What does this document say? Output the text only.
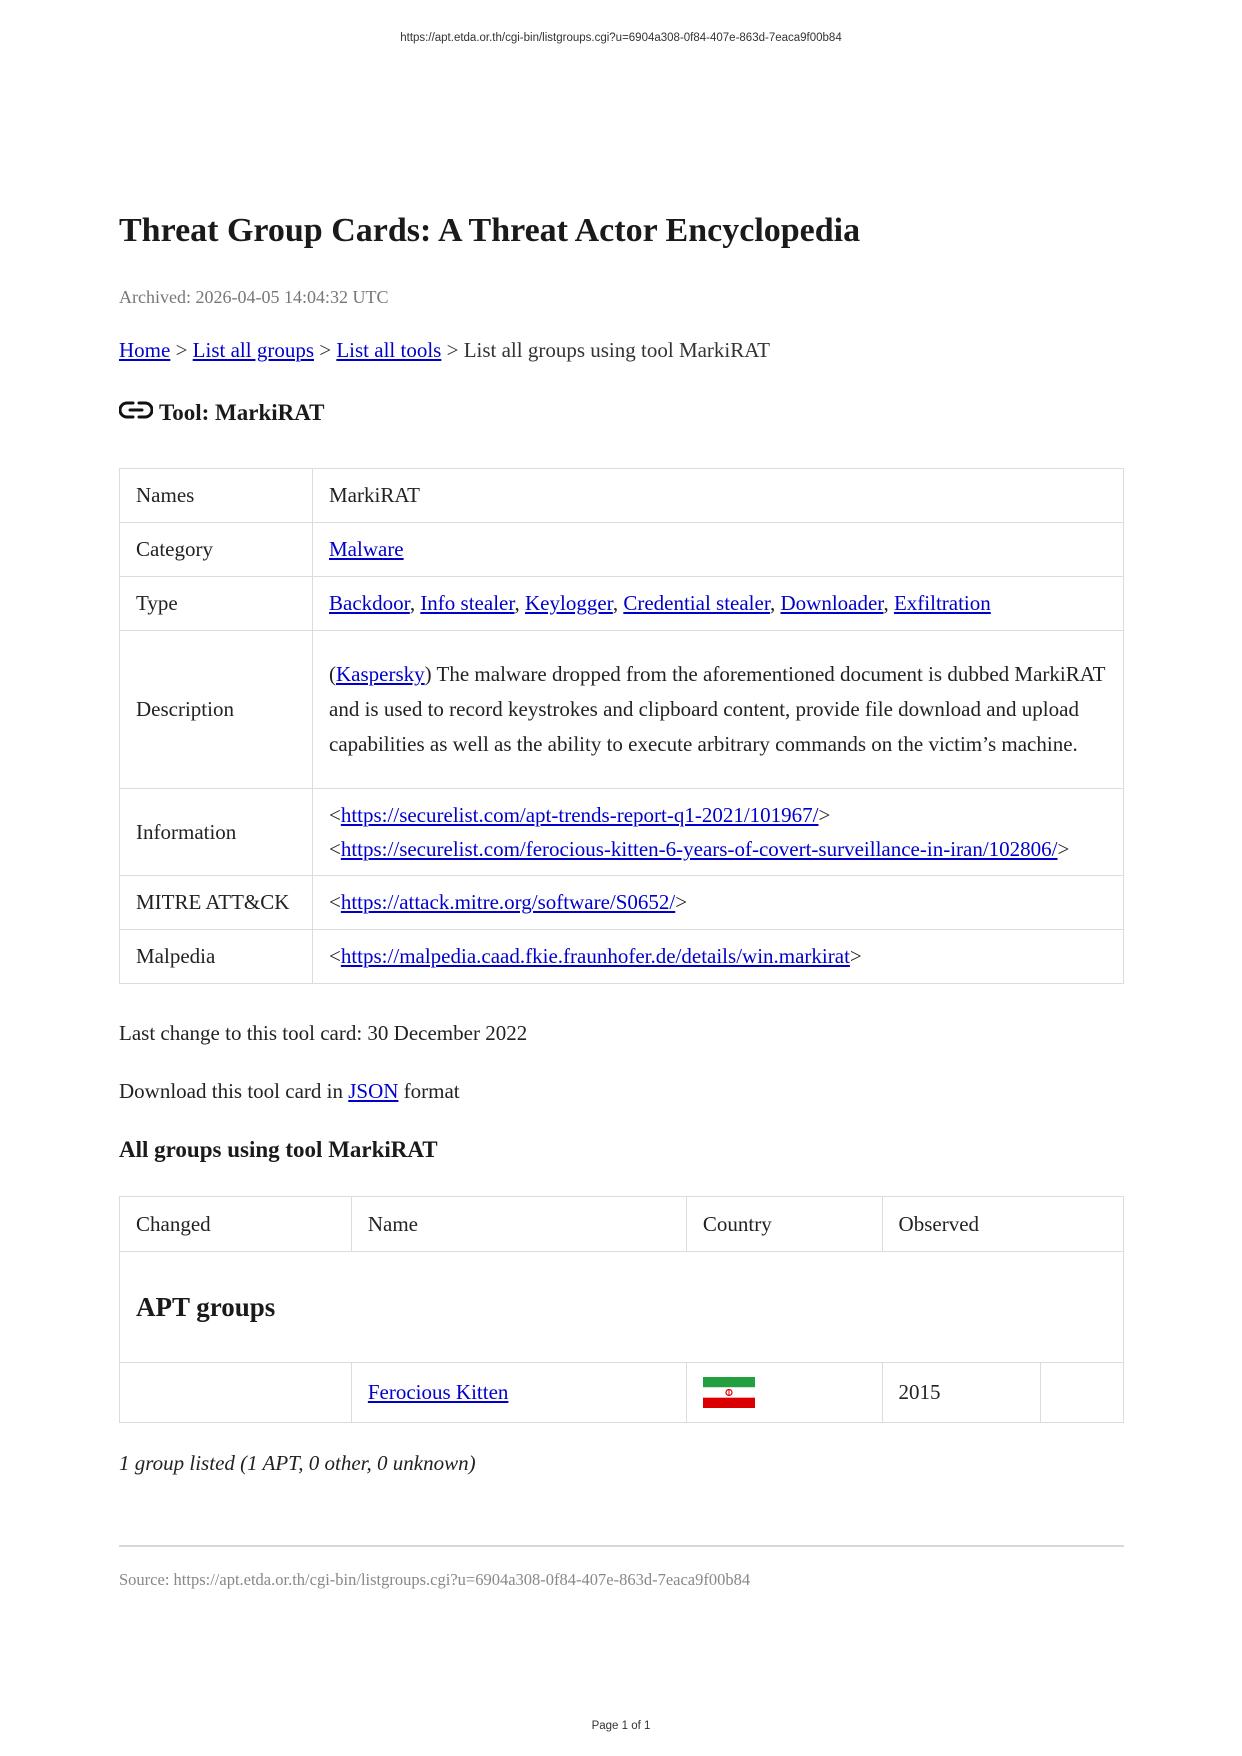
https://apt.etda.or.th/cgi-bin/listgroups.cgi?u=6904a308-0f84-407e-863d-7eaca9f00b84
Threat Group Cards: A Threat Actor Encyclopedia
Archived: 2026-04-05 14:04:32 UTC
Home > List all groups > List all tools > List all groups using tool MarkiRAT
Tool: MarkiRAT
Names	MarkiRAT
Category	Malware
Type	Backdoor, Info stealer, Keylogger, Credential stealer, Downloader, Exfiltration
Description	(Kaspersky) The malware dropped from the aforementioned document is dubbed MarkiRAT and is used to record keystrokes and clipboard content, provide file download and upload capabilities as well as the ability to execute arbitrary commands on the victim’s machine.
Information	<https://securelist.com/apt-trends-report-q1-2021/101967/>
<https://securelist.com/ferocious-kitten-6-years-of-covert-surveillance-in-iran/102806/>

MITRE ATT&CK	<https://attack.mitre.org/software/S0652/>
Malpedia	<https://malpedia.caad.fkie.fraunhofer.de/details/win.markirat>
Last change to this tool card: 30 December 2022
Download this tool card in JSON format
All groups using tool MarkiRAT
Changed	Name	Country	Observed	
APT groups				
	Ferocious Kitten		2015	
1 group listed (1 APT, 0 other, 0 unknown)
Source: https://apt.etda.or.th/cgi-bin/listgroups.cgi?u=6904a308-0f84-407e-863d-7eaca9f00b84
Page 1 of 1
